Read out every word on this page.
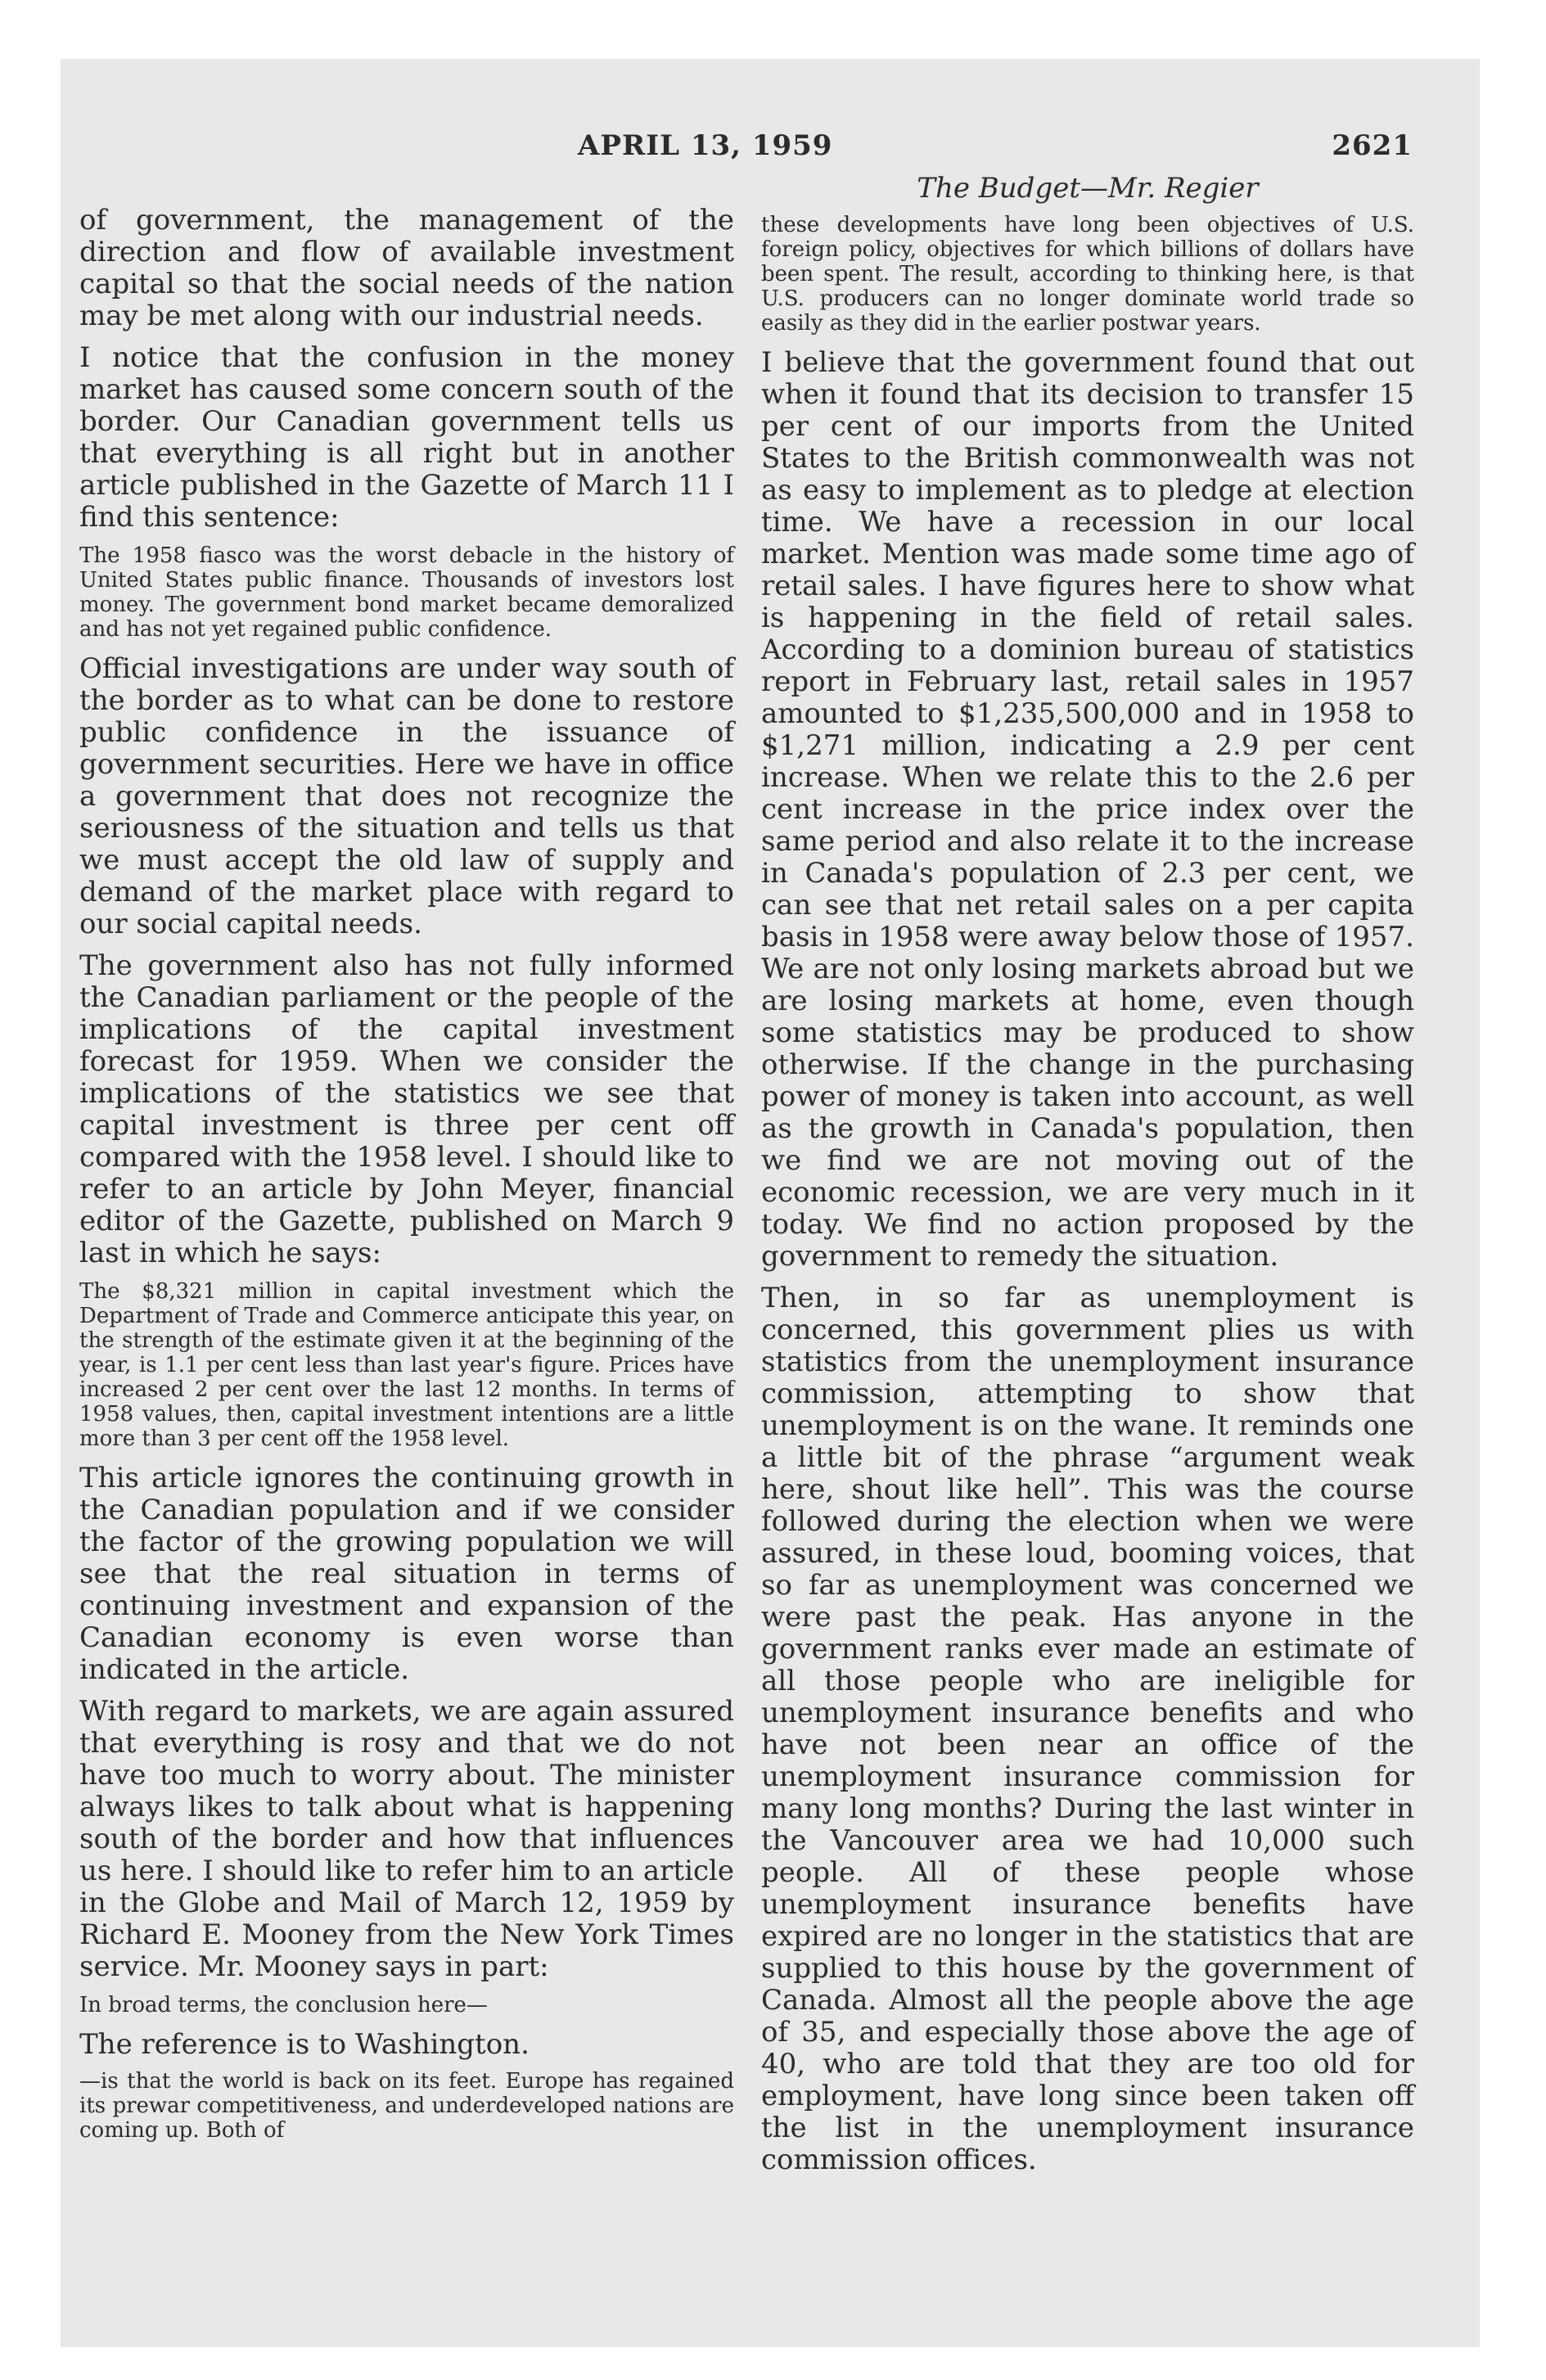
APRIL 13, 1959	2621

of government, the management of the direction and flow of available investment capital so that the social needs of the nation may be met along with our industrial needs.

I notice that the confusion in the money market has caused some concern south of the border. Our Canadian government tells us that everything is all right but in another article published in the Gazette of March 11 I find this sentence:

The 1958 fiasco was the worst debacle in the history of United States public finance. Thousands of investors lost money. The government bond market became demoralized and has not yet regained public confidence.

Official investigations are under way south of the border as to what can be done to restore public confidence in the issuance of government securities. Here we have in office a government that does not recognize the seriousness of the situation and tells us that we must accept the old law of supply and demand of the market place with regard to our social capital needs.

The government also has not fully informed the Canadian parliament or the people of the implications of the capital investment forecast for 1959. When we consider the implications of the statistics we see that capital investment is three per cent off compared with the 1958 level. I should like to refer to an article by John Meyer, financial editor of the Gazette, published on March 9 last in which he says:

The $8,321 million in capital investment which the Department of Trade and Commerce anticipate this year, on the strength of the estimate given it at the beginning of the year, is 1.1 per cent less than last year's figure. Prices have increased 2 per cent over the last 12 months. In terms of 1958 values, then, capital investment intentions are a little more than 3 per cent off the 1958 level.

This article ignores the continuing growth in the Canadian population and if we consider the factor of the growing population we will see that the real situation in terms of continuing investment and expansion of the Canadian economy is even worse than indicated in the article.

With regard to markets, we are again assured that everything is rosy and that we do not have too much to worry about. The minister always likes to talk about what is happening south of the border and how that influences us here. I should like to refer him to an article in the Globe and Mail of March 12, 1959 by Richard E. Mooney from the New York Times service. Mr. Mooney says in part:

In broad terms, the conclusion here—

The reference is to Washington.

—is that the world is back on its feet. Europe has regained its prewar competitiveness, and underdeveloped nations are coming up. Both of

The Budget—Mr. Regier

these developments have long been objectives of U.S. foreign policy, objectives for which billions of dollars have been spent. The result, according to thinking here, is that U.S. producers can no longer dominate world trade so easily as they did in the earlier postwar years.

I believe that the government found that out when it found that its decision to transfer 15 per cent of our imports from the United States to the British commonwealth was not as easy to implement as to pledge at election time. We have a recession in our local market. Mention was made some time ago of retail sales. I have figures here to show what is happening in the field of retail sales. According to a dominion bureau of statistics report in February last, retail sales in 1957 amounted to $1,235,500,000 and in 1958 to $1,271 million, indicating a 2.9 per cent increase. When we relate this to the 2.6 per cent increase in the price index over the same period and also relate it to the increase in Canada's population of 2.3 per cent, we can see that net retail sales on a per capita basis in 1958 were away below those of 1957. We are not only losing markets abroad but we are losing markets at home, even though some statistics may be produced to show otherwise. If the change in the purchasing power of money is taken into account, as well as the growth in Canada's population, then we find we are not moving out of the economic recession, we are very much in it today. We find no action proposed by the government to remedy the situation.

Then, in so far as unemployment is concerned, this government plies us with statistics from the unemployment insurance commission, attempting to show that unemployment is on the wane. It reminds one a little bit of the phrase “argument weak here, shout like hell”. This was the course followed during the election when we were assured, in these loud, booming voices, that so far as unemployment was concerned we were past the peak. Has anyone in the government ranks ever made an estimate of all those people who are ineligible for unemployment insurance benefits and who have not been near an office of the unemployment insurance commission for many long months? During the last winter in the Vancouver area we had 10,000 such people. All of these people whose unemployment insurance benefits have expired are no longer in the statistics that are supplied to this house by the government of Canada. Almost all the people above the age of 35, and especially those above the age of 40, who are told that they are too old for employment, have long since been taken off the list in the unemployment insurance commission offices.
